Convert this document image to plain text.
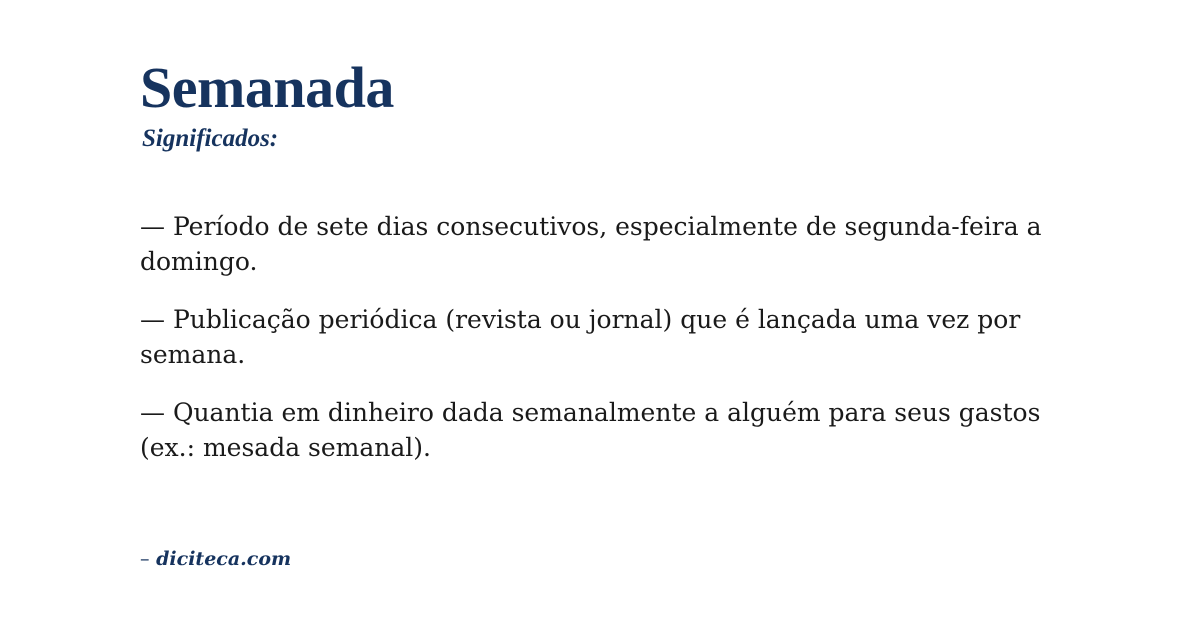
Semanada
Significados:

— Período de sete dias consecutivos, especialmente de segunda-feira a domingo.

— Publicação periódica (revista ou jornal) que é lançada uma vez por semana.

— Quantia em dinheiro dada semanalmente a alguém para seus gastos (ex.: mesada semanal).

– diciteca.com
